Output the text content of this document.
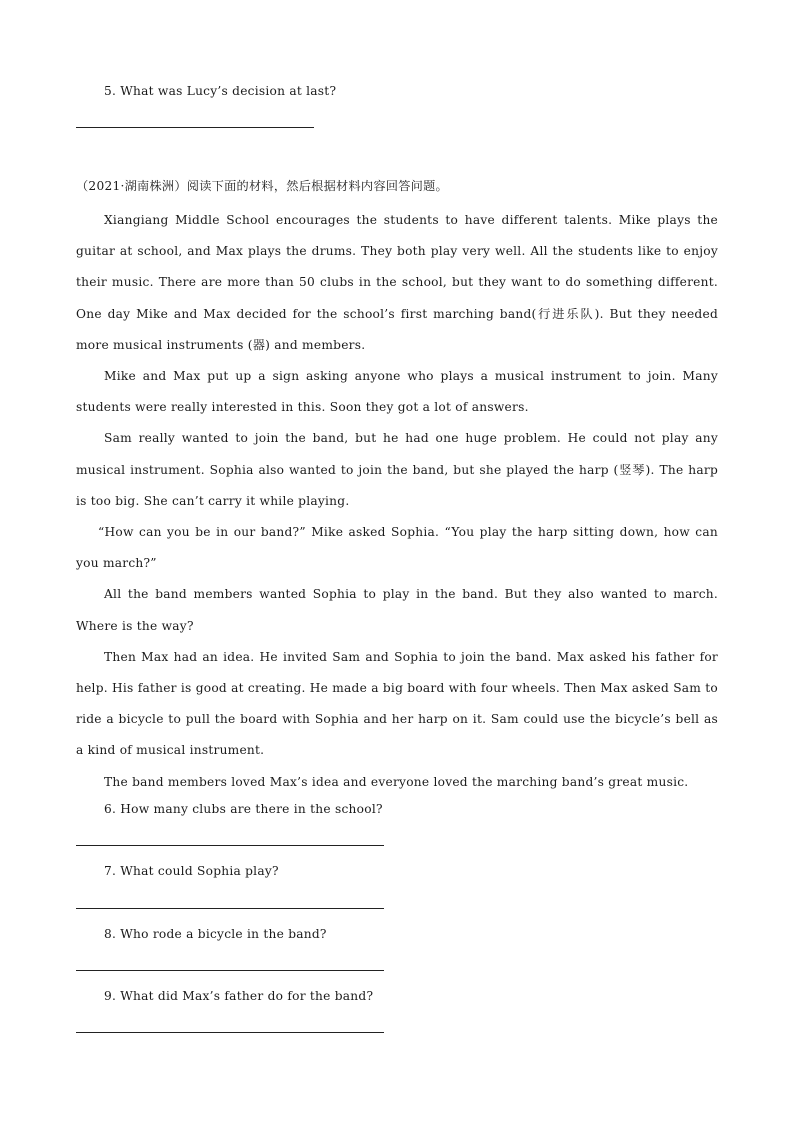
5. What was Lucy’s decision at last?
（2021·湖南株洲）阅读下面的材料，然后根据材料内容回答问题。

Xiangiang Middle School encourages the students to have different talents. Mike plays the guitar at school, and Max plays the drums. They both play very well. All the students like to enjoy their music. There are more than 50 clubs in the school, but they want to do something different. One day Mike and Max decided for the school’s first marching band(行进乐队). But they needed more musical instruments (器) and members.

Mike and Max put up a sign asking anyone who plays a musical instrument to join. Many students were really interested in this. Soon they got a lot of answers.

Sam really wanted to join the band, but he had one huge problem. He could not play any musical instrument. Sophia also wanted to join the band, but she played the harp (竖琴). The harp is too big. She can’t carry it while playing.

“How can you be in our band?” Mike asked Sophia. “You play the harp sitting down, how can you march?”

All the band members wanted Sophia to play in the band. But they also wanted to march. Where is the way?

Then Max had an idea. He invited Sam and Sophia to join the band. Max asked his father for help. His father is good at creating. He made a big board with four wheels. Then Max asked Sam to ride a bicycle to pull the board with Sophia and her harp on it. Sam could use the bicycle’s bell as a kind of musical instrument.

The band members loved Max’s idea and everyone loved the marching band’s great music.

6. How many clubs are there in the school?
7. What could Sophia play?
8. Who rode a bicycle in the band?
9. What did Max’s father do for the band?
